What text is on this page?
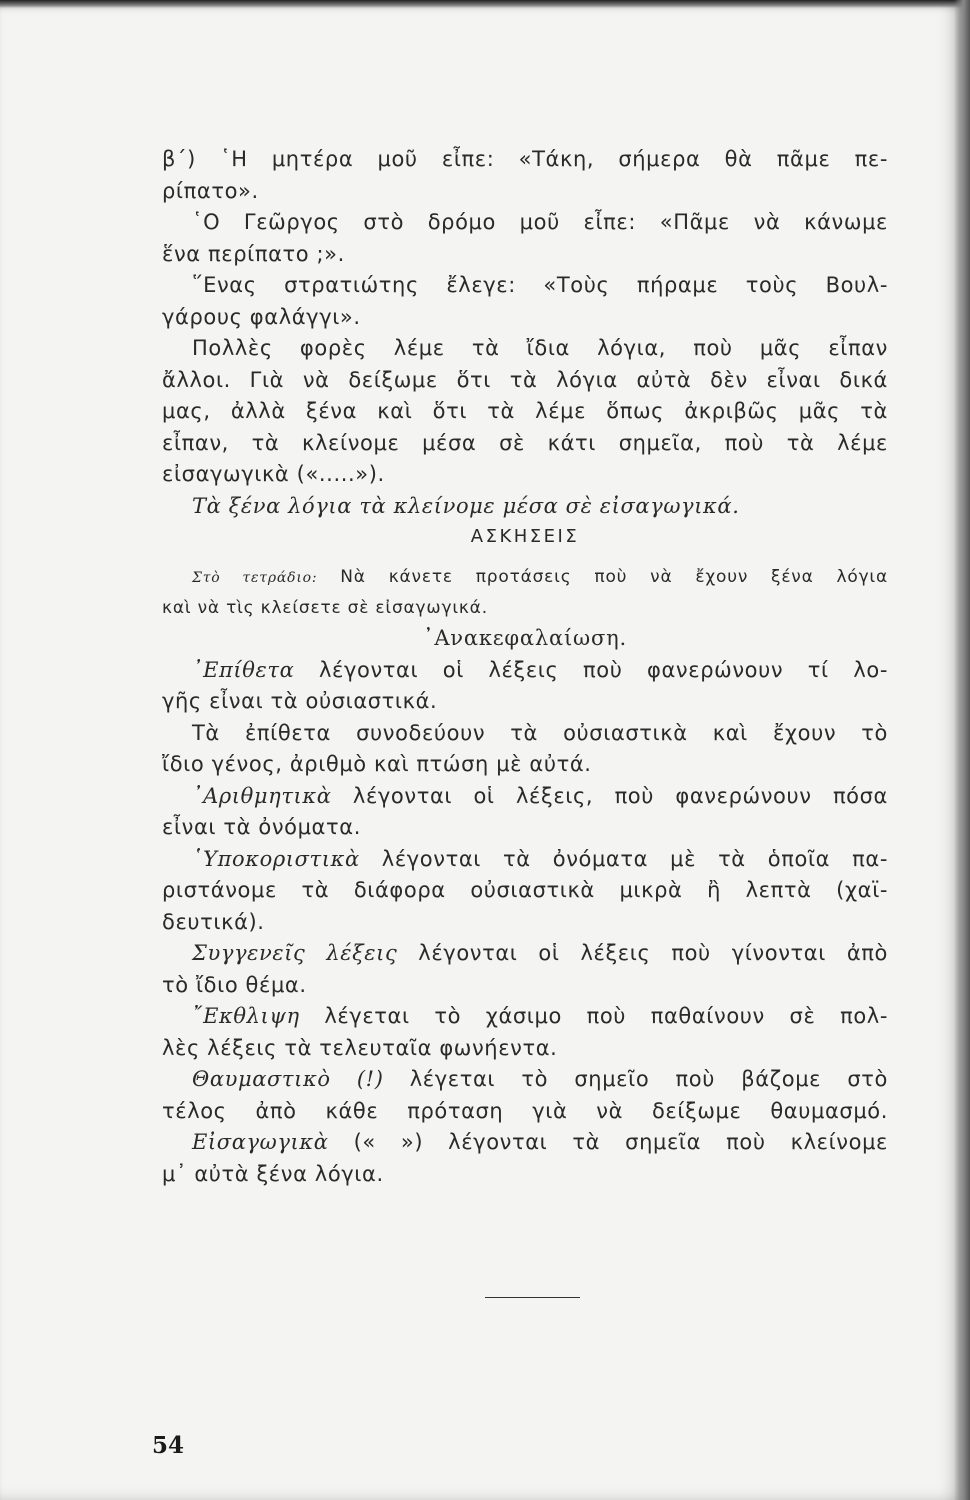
β΄) ῾Η μητέρα μοῦ εἶπε: «Τάκη, σήμερα θὰ πᾶμε πε-

ρίπατο».

῾Ο Γεῶργος στὸ δρόμο μοῦ εἶπε: «Πᾶμε νὰ κάνωμε

ἕνα περίπατο ;».

῞Ενας στρατιώτης ἔλεγε: «Τοὺς πήραμε τοὺς Βουλ-

γάρους φαλάγγι».

Πολλὲς φορὲς λέμε τὰ ἴδια λόγια, ποὺ μᾶς εἶπαν

ἄλλοι. Γιὰ νὰ δείξωμε ὅτι τὰ λόγια αὐτὰ δὲν εἶναι δικά

μας, ἀλλὰ ξένα καὶ ὅτι τὰ λέμε ὅπως ἀκριβῶς μᾶς τὰ

εἶπαν, τὰ κλείνομε μέσα σὲ κάτι σημεῖα, ποὺ τὰ λέμε

εἰσαγωγικὰ («.....»).

Τὰ ξένα λόγια τὰ κλείνομε μέσα σὲ εἰσαγωγικά.

ΑΣΚΗΣΕΙΣ

Στὸ τετράδιο: Νὰ κάνετε προτάσεις ποὺ νὰ ἔχουν ξένα λόγια

καὶ νὰ τὶς κλείσετε σὲ εἰσαγωγικά.

᾿Ανακεφαλαίωση.

᾿Επίθετα λέγονται οἱ λέξεις ποὺ φανερώνουν τί λο-

γῆς εἶναι τὰ οὐσιαστικά.

Τὰ ἐπίθετα συνοδεύουν τὰ οὐσιαστικὰ καὶ ἔχουν τὸ

ἴδιο γένος, ἀριθμὸ καὶ πτώση μὲ αὐτά.

᾿Αριθμητικὰ λέγονται οἱ λέξεις, ποὺ φανερώνουν πόσα

εἶναι τὰ ὀνόματα.

῾Υποκοριστικὰ λέγονται τὰ ὀνόματα μὲ τὰ ὁποῖα πα-

ριστάνομε τὰ διάφορα οὐσιαστικὰ μικρὰ ἢ λεπτὰ (χαϊ-

δευτικά).

Συγγενεῖς λέξεις λέγονται οἱ λέξεις ποὺ γίνονται ἀπὸ

τὸ ἴδιο θέμα.

῎Εκθλιψη λέγεται τὸ χάσιμο ποὺ παθαίνουν σὲ πολ-

λὲς λέξεις τὰ τελευταῖα φωνήεντα.

Θαυμαστικὸ (!) λέγεται τὸ σημεῖο ποὺ βάζομε στὸ

τέλος ἀπὸ κάθε πρόταση γιὰ νὰ δείξωμε θαυμασμό.

Εἰσαγωγικὰ (« ») λέγονται τὰ σημεῖα ποὺ κλείνομε

μ᾿ αὐτὰ ξένα λόγια.

54
